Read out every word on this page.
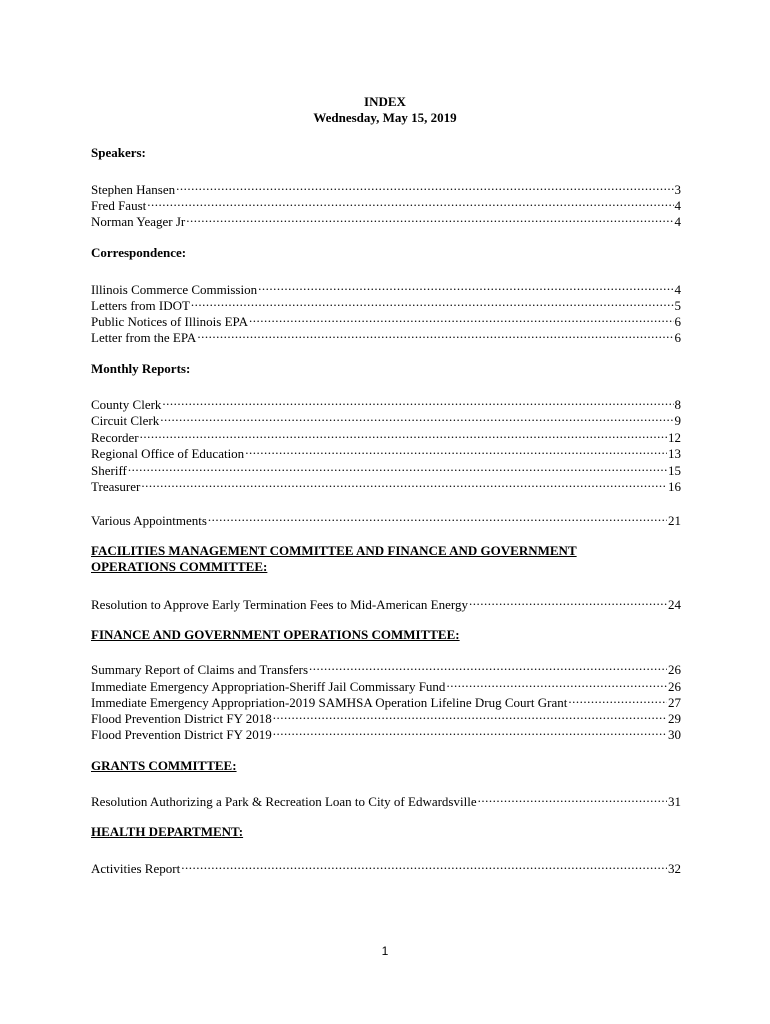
INDEX
Wednesday, May 15, 2019
Speakers:
Stephen Hansen .....	3
Fred Faust .....	4
Norman Yeager Jr .....	4
Correspondence:
Illinois Commerce Commission .....	4
Letters from IDOT .....	5
Public Notices of Illinois EPA .....	6
Letter from the EPA .....	6
Monthly Reports:
County Clerk .....	8
Circuit Clerk .....	9
Recorder .....	12
Regional Office of Education .....	13
Sheriff .....	15
Treasurer .....	16
Various Appointments .....	21
FACILITIES MANAGEMENT COMMITTEE AND FINANCE AND GOVERNMENT
OPERATIONS COMMITTEE:
Resolution to Approve Early Termination Fees to Mid-American Energy .....	24
FINANCE AND GOVERNMENT OPERATIONS COMMITTEE:
Summary Report of Claims and Transfers .....	26
Immediate Emergency Appropriation-Sheriff Jail Commissary Fund .....	26
Immediate Emergency Appropriation-2019 SAMHSA Operation Lifeline Drug Court Grant .....	27
Flood Prevention District FY 2018 .....	29
Flood Prevention District FY 2019 .....	30
GRANTS COMMITTEE:
Resolution Authorizing a Park & Recreation Loan to City of Edwardsville .....	31
HEALTH DEPARTMENT:
Activities Report .....	32
1
